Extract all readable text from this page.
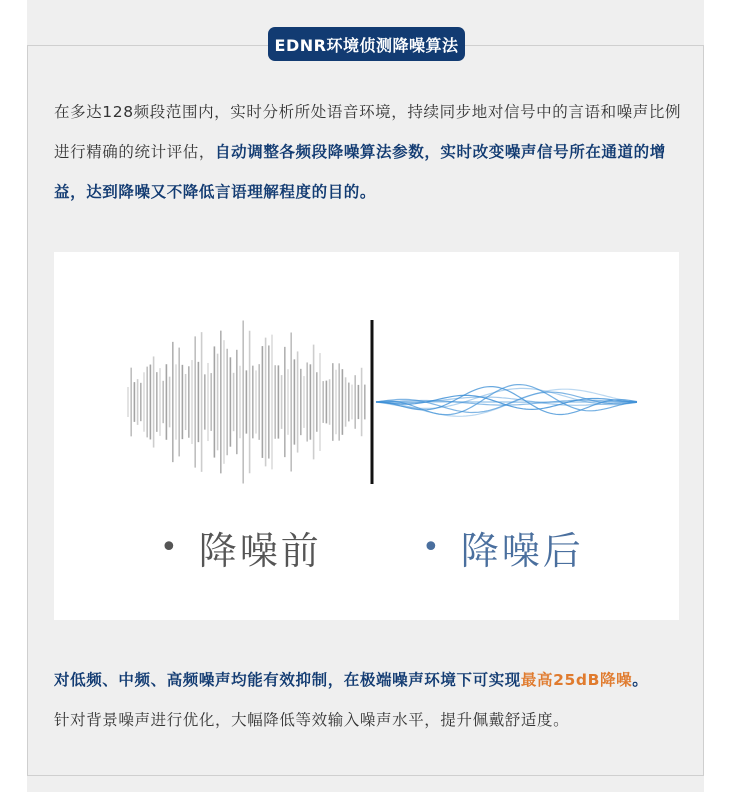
EDNR环境侦测降噪算法
在多达128频段范围内，实时分析所处语音环境，持续同步地对信号中的言语和噪声比例进行精确的统计评估，自动调整各频段降噪算法参数，实时改变噪声信号所在通道的增益，达到降噪又不降低言语理解程度的目的。
• 降噪前	• 降噪后
对低频、中频、高频噪声均能有效抑制，在极端噪声环境下可实现最高25dB降噪。
针对背景噪声进行优化，大幅降低等效输入噪声水平，提升佩戴舒适度。
